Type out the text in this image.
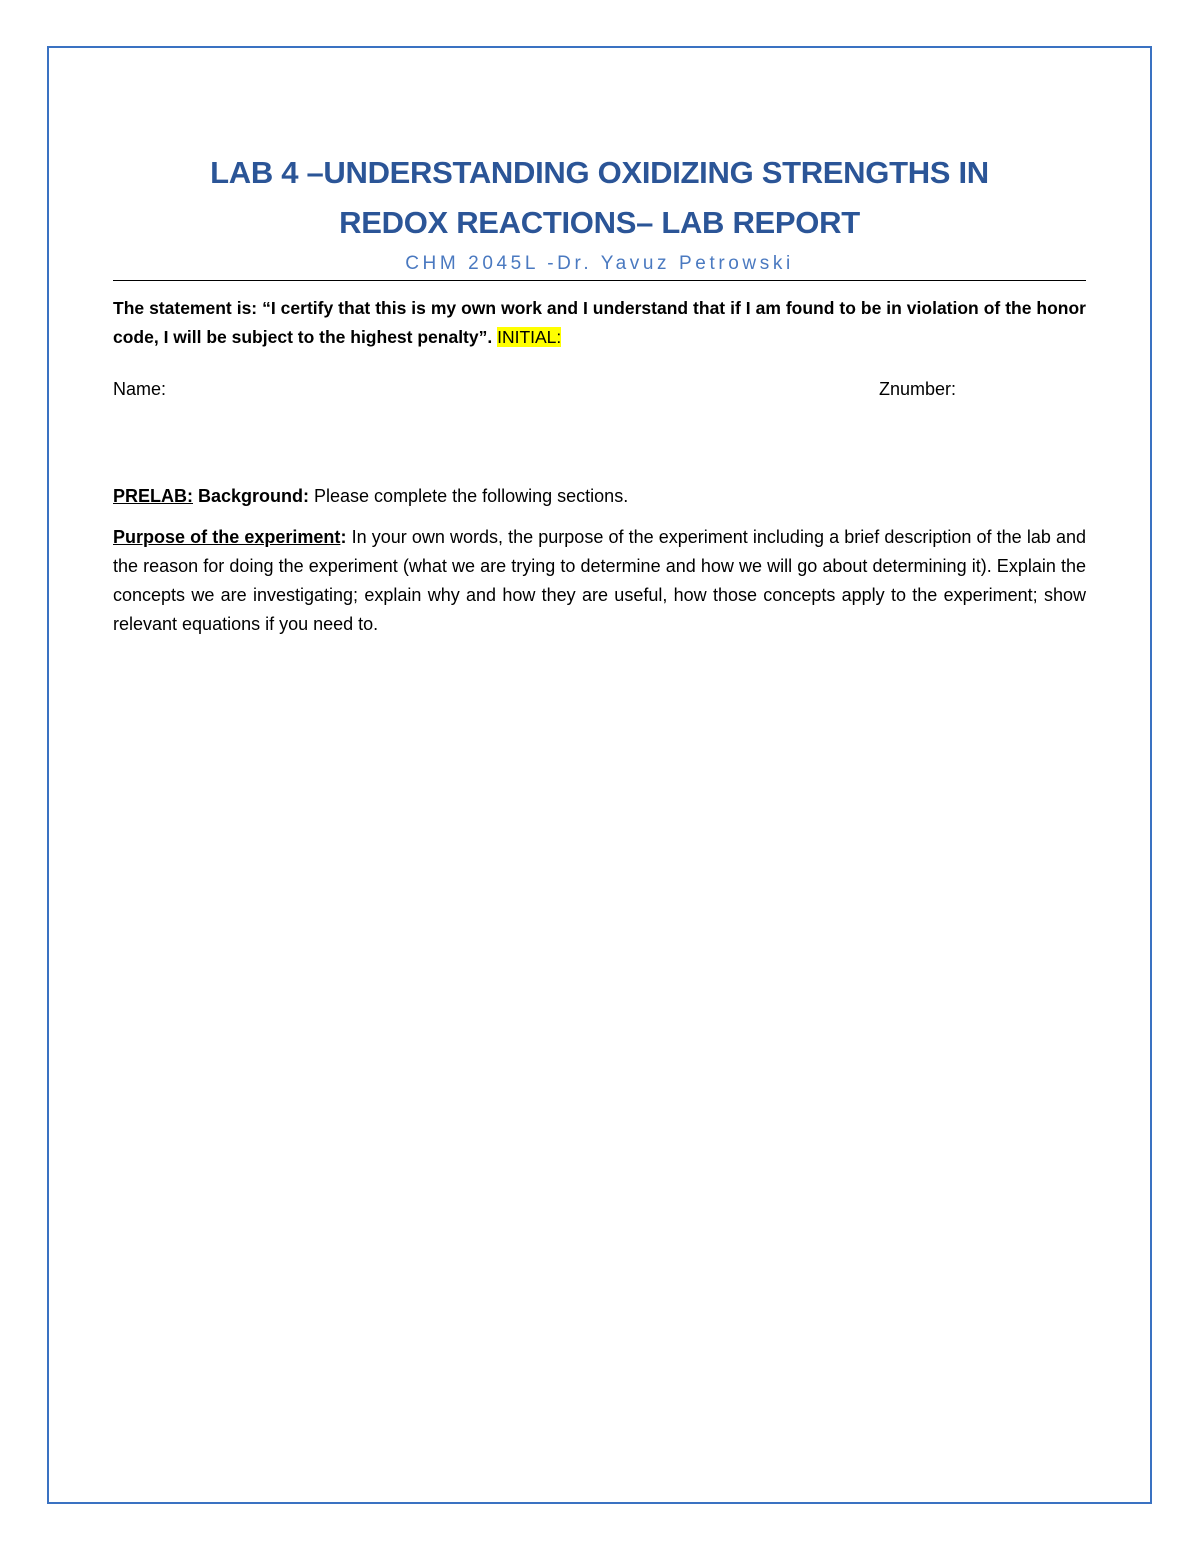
LAB 4 –UNDERSTANDING OXIDIZING STRENGTHS IN
REDOX REACTIONS– LAB REPORT
CHM 2045L -Dr. Yavuz Petrowski
The statement is: “I certify that this is my own work and I understand that if I am found to be in violation of the honor code, I will be subject to the highest penalty”. INITIAL:
Name:	Znumber:
PRELAB: Background: Please complete the following sections.
Purpose of the experiment: In your own words, the purpose of the experiment including a brief description of the lab and the reason for doing the experiment (what we are trying to determine and how we will go about determining it). Explain the concepts we are investigating; explain why and how they are useful, how those concepts apply to the experiment; show relevant equations if you need to.
